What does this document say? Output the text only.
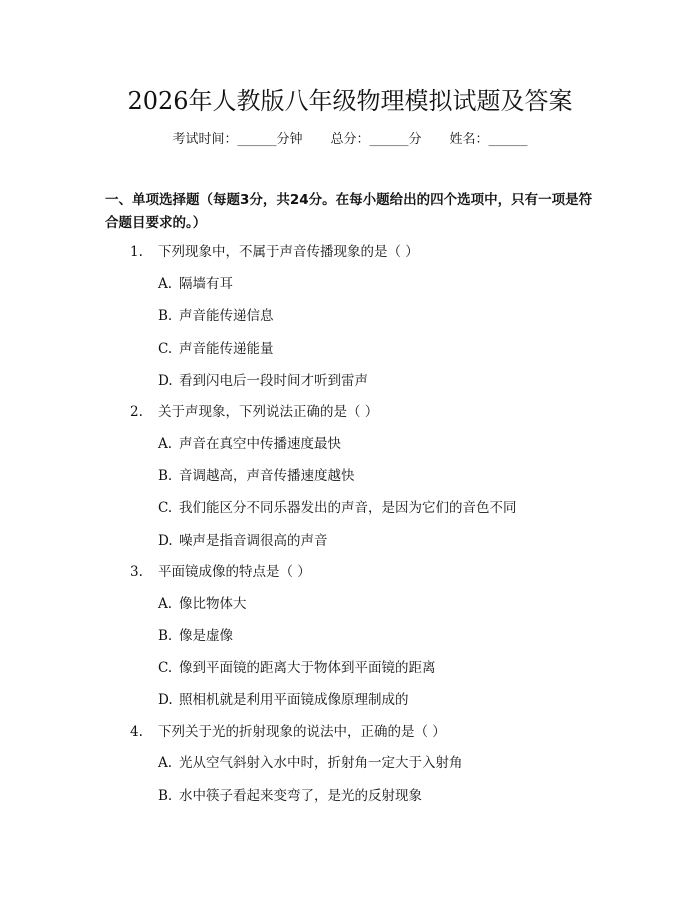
2026年人教版八年级物理模拟试题及答案
考试时间：______分钟 总分：______分 姓名：______
一、单项选择题（每题3分，共24分。在每小题给出的四个选项中，只有一项是符合题目要求的。）
1. 下列现象中，不属于声音传播现象的是（ ）
A. 隔墙有耳
B. 声音能传递信息
C. 声音能传递能量
D. 看到闪电后一段时间才听到雷声
2. 关于声现象，下列说法正确的是（ ）
A. 声音在真空中传播速度最快
B. 音调越高，声音传播速度越快
C. 我们能区分不同乐器发出的声音，是因为它们的音色不同
D. 噪声是指音调很高的声音
3. 平面镜成像的特点是（ ）
A. 像比物体大
B. 像是虚像
C. 像到平面镜的距离大于物体到平面镜的距离
D. 照相机就是利用平面镜成像原理制成的
4. 下列关于光的折射现象的说法中，正确的是（ ）
A. 光从空气斜射入水中时，折射角一定大于入射角
B. 水中筷子看起来变弯了，是光的反射现象
